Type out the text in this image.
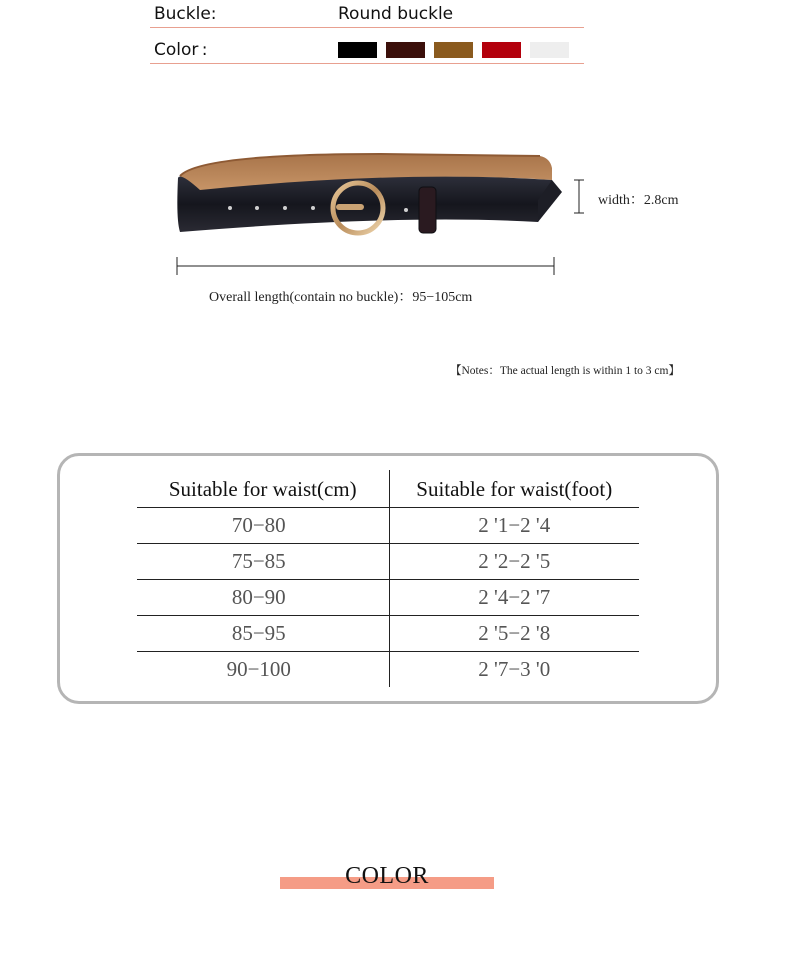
Buckle:	Round buckle
Color :
width：2.8cm
Overall length(contain no buckle)：95−105cm
【Notes：The actual length is within 1 to 3 cm】
Suitable for waist(cm)	Suitable for waist(foot)
70−80	2 '1−2 '4
75−85	2 '2−2 '5
80−90	2 '4−2 '7
85−95	2 '5−2 '8
90−100	2 '7−3 '0
COLOR
